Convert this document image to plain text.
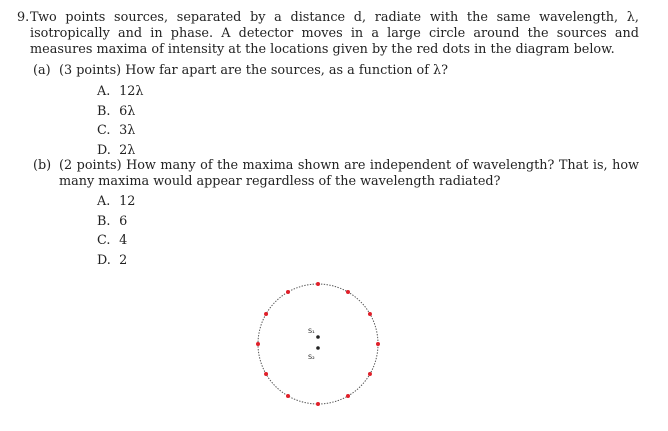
9. Two points sources, separated by a distance d, radiate with the same wavelength, λ, isotropically and in phase. A detector moves in a large circle around the sources and measures maxima of intensity at the locations given by the red dots in the diagram below.
(a) (3 points) How far apart are the sources, as a function of λ?
A. 12λ
B. 6λ
C. 3λ
D. 2λ
(b) (2 points) How many of the maxima shown are independent of wavelength? That is, how many maxima would appear regardless of the wavelength radiated?
A. 12
B. 6
C. 4
D. 2
S₁
S₂
